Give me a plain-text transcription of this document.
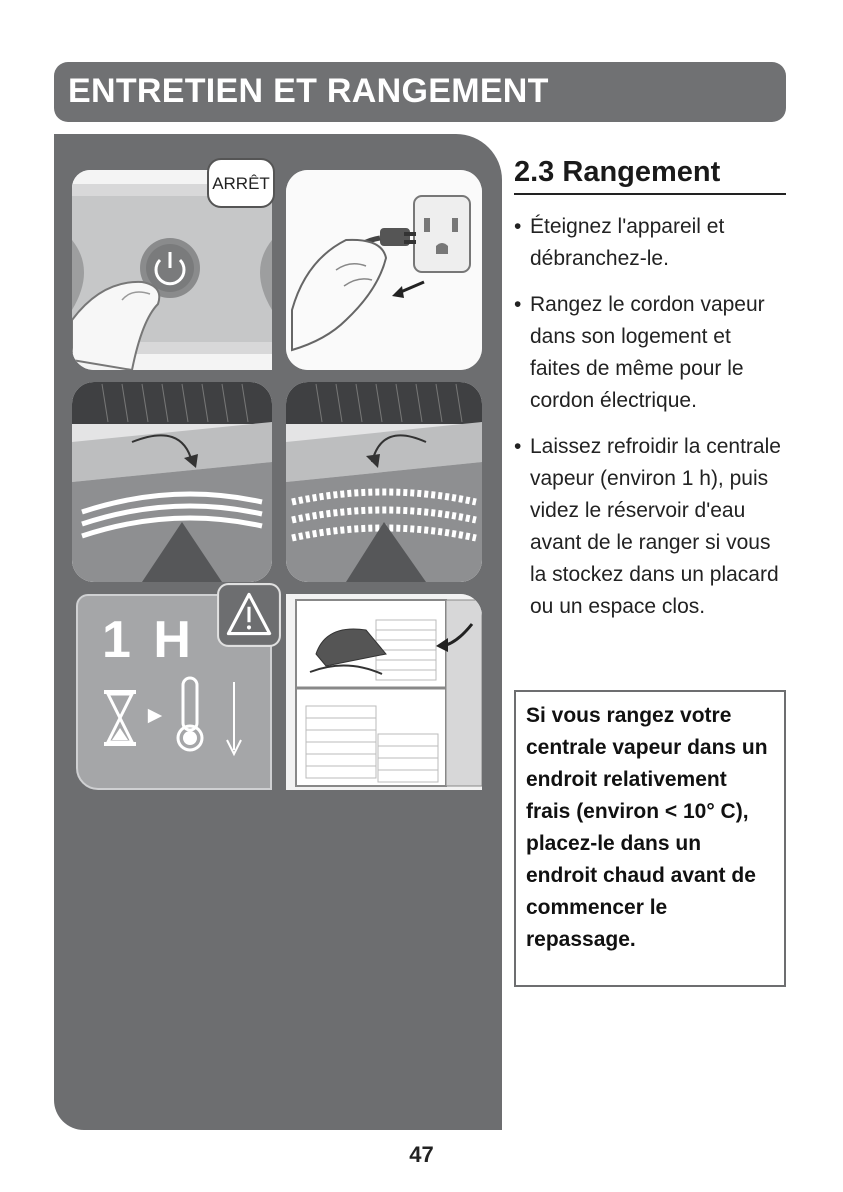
ENTRETIEN ET RANGEMENT
ARRÊT
1 H
2.3 Rangement
• Éteignez l'appareil et débranchez-le.
• Rangez le cordon vapeur dans son logement et faites de même pour le cordon électrique.
• Laissez refroidir la centrale vapeur (environ 1 h), puis videz le réservoir d'eau avant de le ranger si vous la stockez dans un placard ou un espace clos.

Si vous rangez votre centrale vapeur dans un endroit relativement frais (environ < 10° C), placez-le dans un endroit chaud avant de commencer le repassage.

47
